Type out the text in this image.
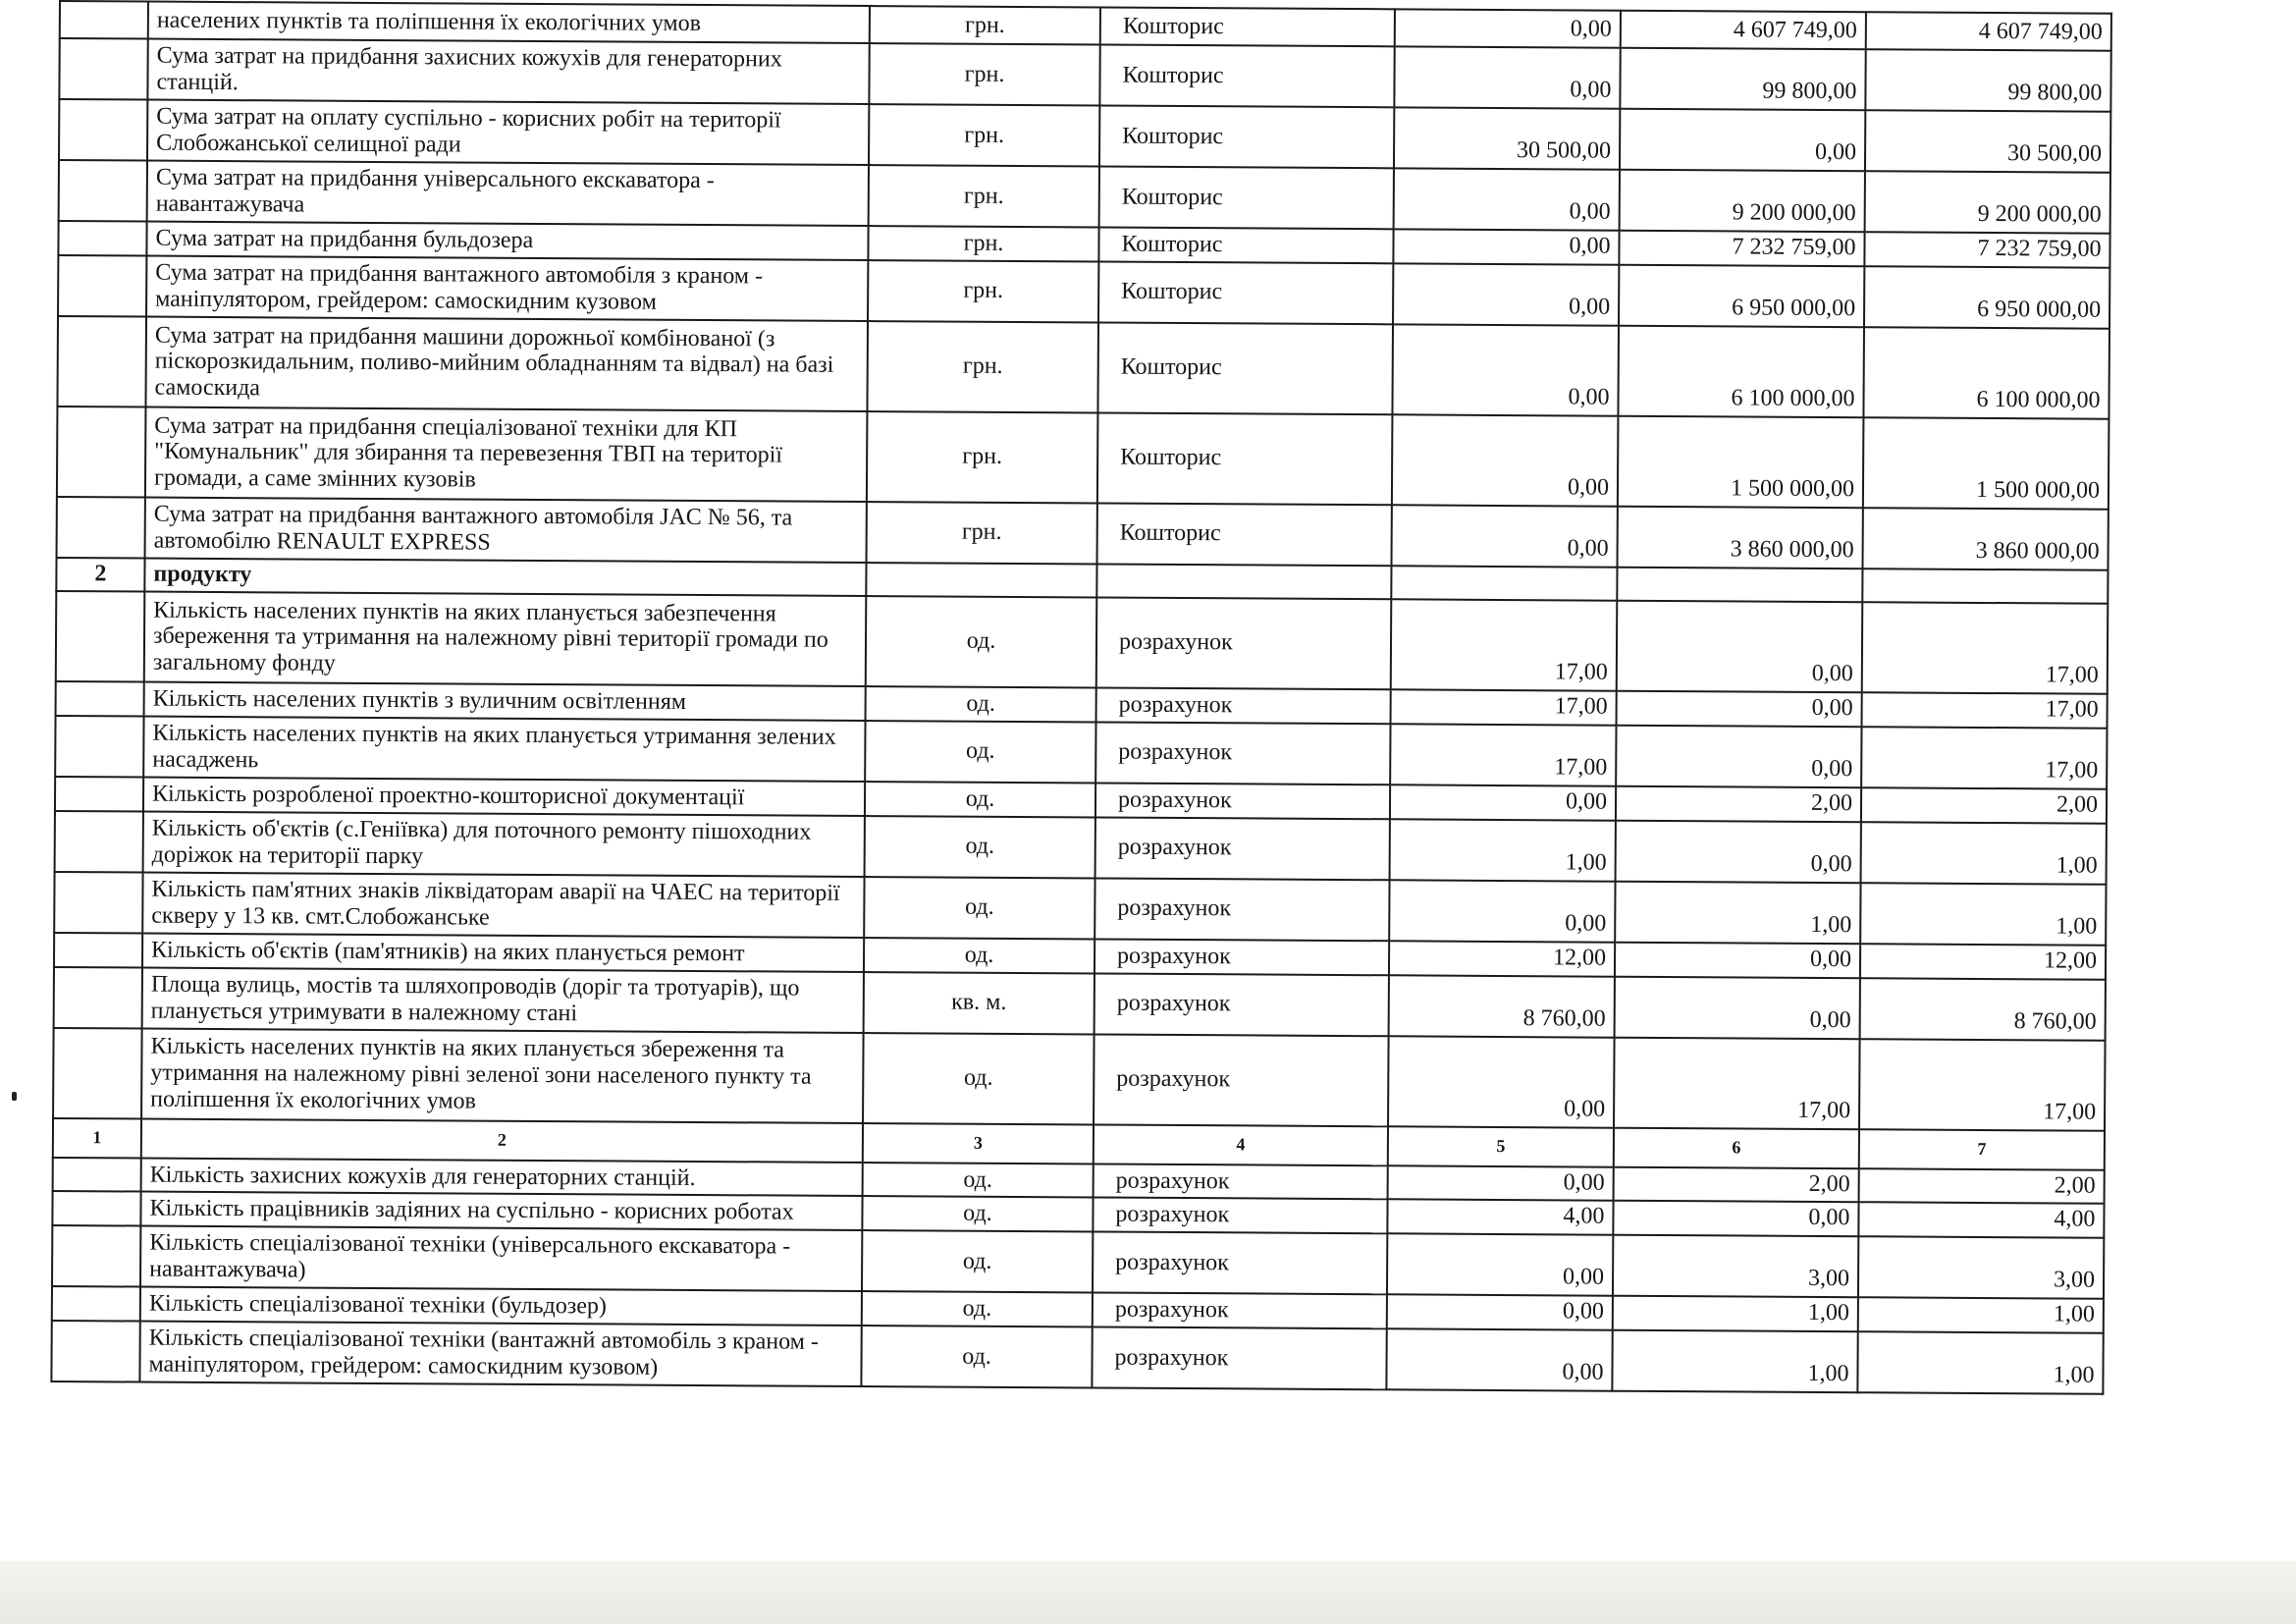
	населених пунктів та поліпшення їх екологічних умов	грн.	Кошторис	0,00	4 607 749,00	4 607 749,00
	Сума затрат на придбання захисних кожухів для генераторних станцій.	грн.	Кошторис	0,00	99 800,00	99 800,00
	Сума затрат на оплату суспільно - корисних робіт на території Слобожанської селищної ради	грн.	Кошторис	30 500,00	0,00	30 500,00
	Сума затрат на придбання універсального екскаватора - навантажувача	грн.	Кошторис	0,00	9 200 000,00	9 200 000,00
	Сума затрат на придбання бульдозера	грн.	Кошторис	0,00	7 232 759,00	7 232 759,00
	Сума затрат на придбання вантажного автомобіля з краном - маніпулятором, грейдером: самоскидним кузовом	грн.	Кошторис	0,00	6 950 000,00	6 950 000,00
	Сума затрат на придбання машини дорожньої комбінованої (з піскорозкидальним, поливо-мийним обладнанням та відвал) на базі самоскида	грн.	Кошторис	0,00	6 100 000,00	6 100 000,00
	Сума затрат на придбання спеціалізованої техніки для КП "Комунальник" для збирання та перевезення ТВП на території громади, а саме змінних кузовів	грн.	Кошторис	0,00	1 500 000,00	1 500 000,00
	Сума затрат на придбання вантажного автомобіля JAC № 56, та автомобілю RENAULT EXPRESS	грн.	Кошторис	0,00	3 860 000,00	3 860 000,00
2	продукту					
	Кількість населених пунктів на яких планується забезпечення збереження та утримання на належному рівні території громади по загальному фонду	од.	розрахунок	17,00	0,00	17,00
	Кількість населених пунктів з вуличним освітленням	од.	розрахунок	17,00	0,00	17,00
	Кількість населених пунктів на яких планується утримання зелених насаджень	од.	розрахунок	17,00	0,00	17,00
	Кількість розробленої проектно-кошторисної документації	од.	розрахунок	0,00	2,00	2,00
	Кількість об'єктів (с.Геніївка) для поточного ремонту пішоходних доріжок на території парку	од.	розрахунок	1,00	0,00	1,00
	Кількість пам'ятних знаків ліквідаторам аварії на ЧАЕС на території скверу у 13 кв. смт.Слобожанське	од.	розрахунок	0,00	1,00	1,00
	Кількість об'єктів (пам'ятників) на яких планується ремонт	од.	розрахунок	12,00	0,00	12,00
	Площа вулиць, мостів та шляхопроводів (доріг та тротуарів), що планується утримувати в належному стані	кв. м.	розрахунок	8 760,00	0,00	8 760,00
	Кількість населених пунктів на яких планується збереження та утримання на належному рівні зеленої зони населеного пункту та поліпшення їх екологічних умов	од.	розрахунок	0,00	17,00	17,00
1	2	3	4	5	6	7
	Кількість захисних кожухів для генераторних станцій.	од.	розрахунок	0,00	2,00	2,00
	Кількість працівників задіяних на суспільно - корисних роботах	од.	розрахунок	4,00	0,00	4,00
	Кількість спеціалізованої техніки (універсального екскаватора - навантажувача)	од.	розрахунок	0,00	3,00	3,00
	Кількість спеціалізованої техніки (бульдозер)	од.	розрахунок	0,00	1,00	1,00
	Кількість спеціалізованої техніки (вантажнй автомобіль з краном - маніпулятором, грейдером: самоскидним кузовом)	од.	розрахунок	0,00	1,00	1,00
